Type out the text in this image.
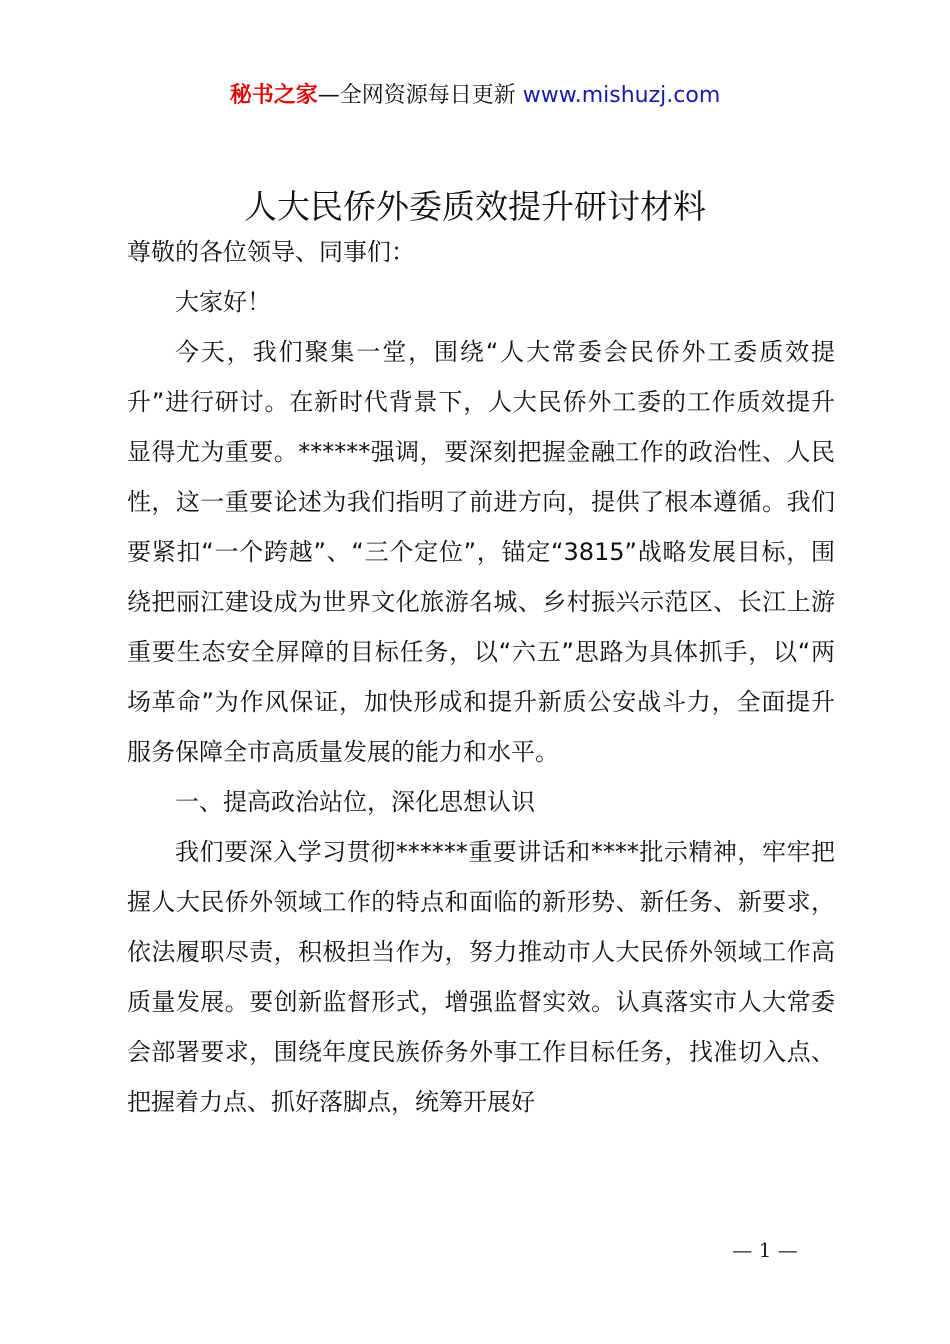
秘书之家—全网资源每日更新 www.mishuzj.com
人大民侨外委质效提升研讨材料

尊敬的各位领导、同事们：

大家好！

今天，我们聚集一堂，围绕“人大常委会民侨外工委质效提升”进行研讨。在新时代背景下，人大民侨外工委的工作质效提升显得尤为重要。******强调，要深刻把握金融工作的政治性、人民性，这一重要论述为我们指明了前进方向，提供了根本遵循。我们要紧扣“一个跨越”、“三个定位”，锚定“3815”战略发展目标，围绕把丽江建设成为世界文化旅游名城、乡村振兴示范区、长江上游重要生态安全屏障的目标任务，以“六五”思路为具体抓手，以“两场革命”为作风保证，加快形成和提升新质公安战斗力，全面提升服务保障全市高质量发展的能力和水平。

一、提高政治站位，深化思想认识

我们要深入学习贯彻******重要讲话和****批示精神，牢牢把握人大民侨外领域工作的特点和面临的新形势、新任务、新要求，依法履职尽责，积极担当作为，努力推动市人大民侨外领域工作高质量发展。要创新监督形式，增强监督实效。认真落实市人大常委会部署要求，围绕年度民族侨务外事工作目标任务，找准切入点、把握着力点、抓好落脚点，统筹开展好

— 1 —
